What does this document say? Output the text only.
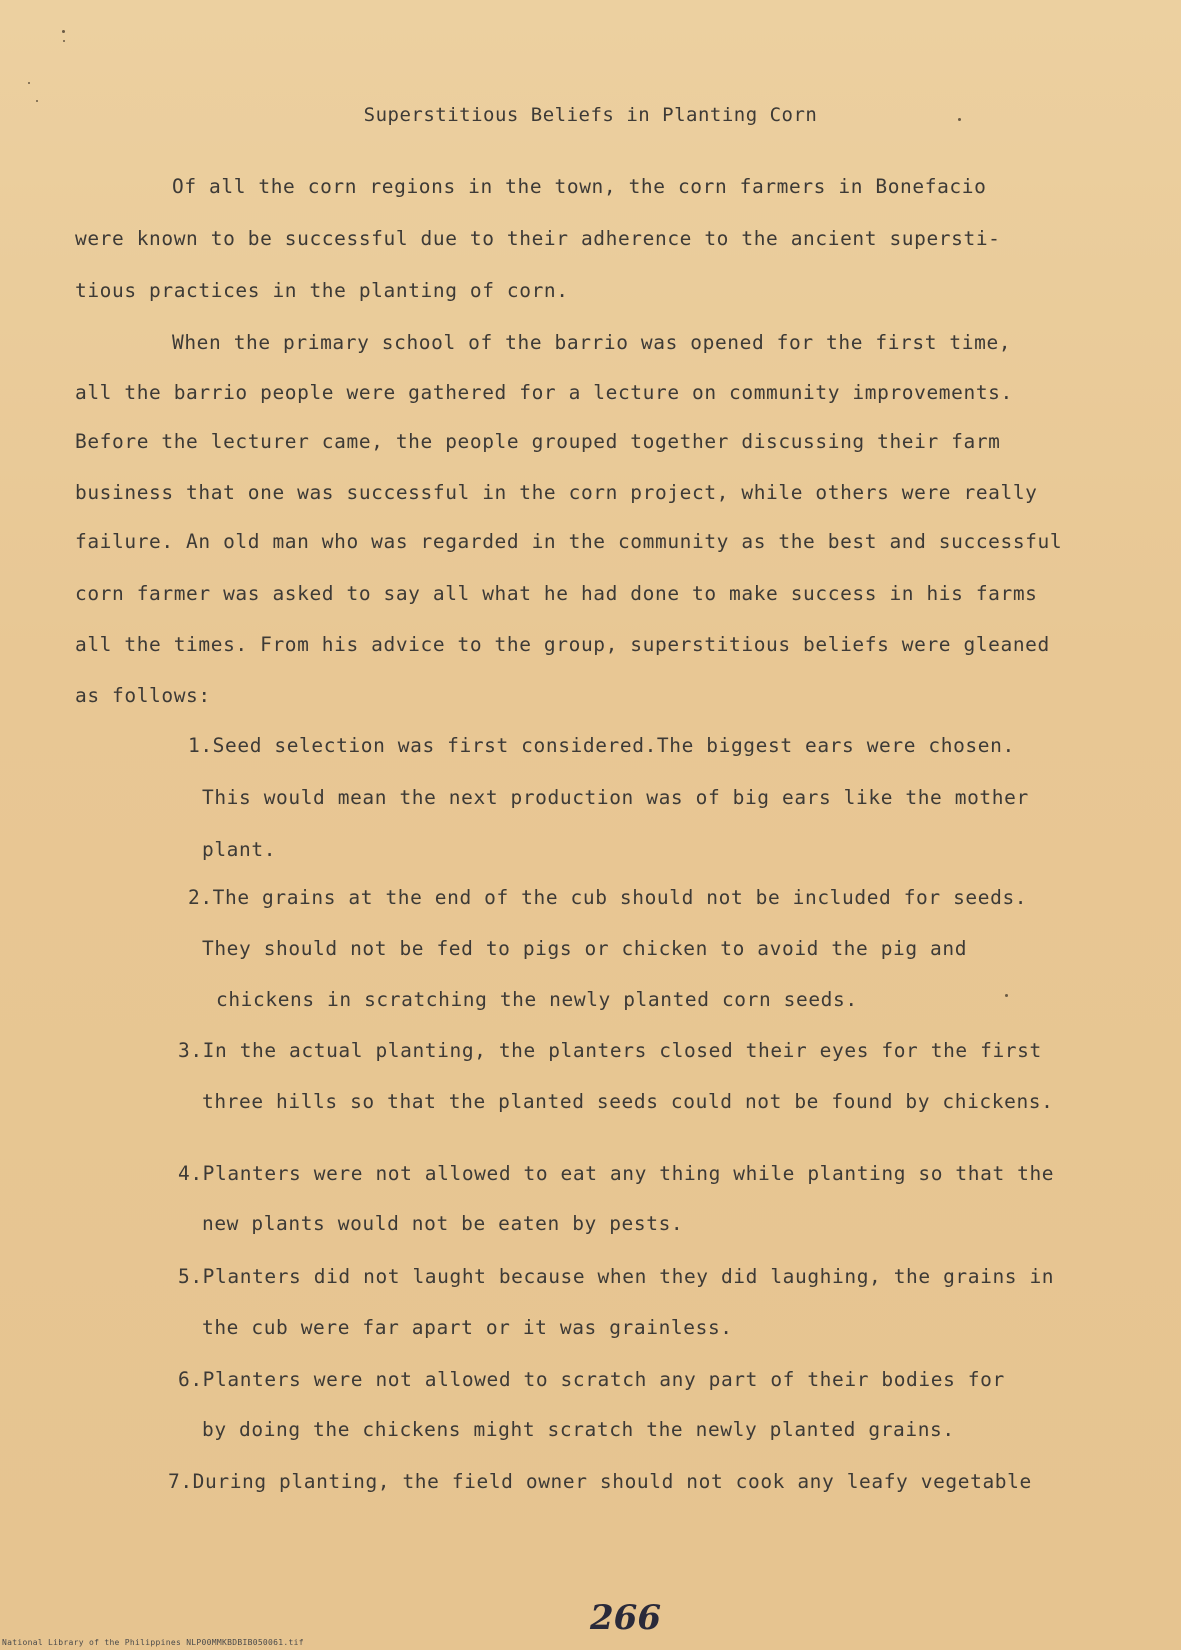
Superstitious Beliefs in Planting Corn
Of all the corn regions in the town, the corn farmers in Bonefacio
were known to be successful due to their adherence to the ancient supersti-
tious practices in the planting of corn.
When the primary school of the barrio was opened for the first time,
all the barrio people were gathered for a lecture on community improvements.
Before the lecturer came, the people grouped together discussing their farm
business that one was successful in the corn project, while others were really
failure. An old man who was regarded in the community as the best and successful
corn farmer was asked to say all what he had done to make success in his farms
all the times. From his advice to the group, superstitious beliefs were gleaned
as follows:
1.Seed selection was first considered.The biggest ears were chosen.
This would mean the next production was of big ears like the mother
plant.
2.The grains at the end of the cub should not be included for seeds.
They should not be fed to pigs or chicken to avoid the pig and
chickens in scratching the newly planted corn seeds.
3.In the actual planting, the planters closed their eyes for the first
three hills so that the planted seeds could not be found by chickens.
4.Planters were not allowed to eat any thing while planting so that the
new plants would not be eaten by pests.
5.Planters did not laught because when they did laughing, the grains in
the cub were far apart or it was grainless.
6.Planters were not allowed to scratch any part of their bodies for
by doing the chickens might scratch the newly planted grains.
7.During planting, the field owner should not cook any leafy vegetable
266
National Library of the Philippines NLP00MMKBDBIB050061.tif
